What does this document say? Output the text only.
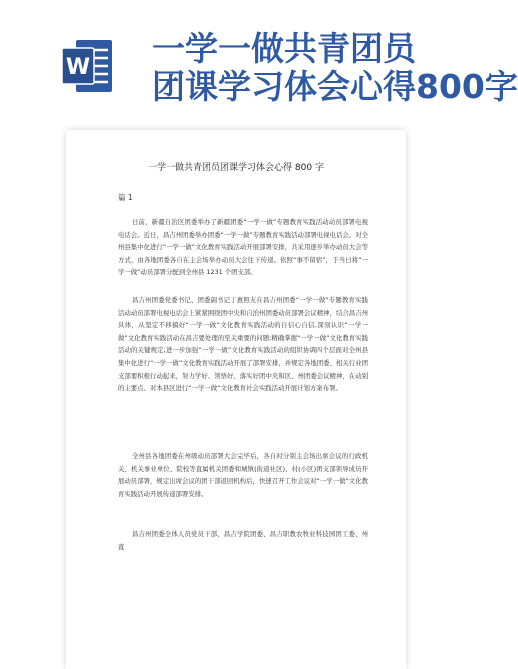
W 一学一做共青团员
团课学习体会心得800字
一学一做共青团员团课学习体会心得 800 字
篇 1

日前，新疆自治区团委举办了新疆团委“一学一做”专题教育实践活动动员部署电视电话会。近日，昌吉州团委举办团委“一学一做”专题教育实践活动部署电视电话会。对全州县集中化进行“一学一做”文化教育实践活动开展部署安排，共采用逐步举办动员大会等方式，由各地团委各自在主会场举办动员大会往下传递。依照“事不留宿”，于当日将“一学一做”动员部署分配到全州县 1231 个团支部。

昌吉州团委党委书记、团委副书记丁惠照友在昌吉州团委“一学一做”专题教育实践活动动员部署电视电话会上紧紧围绕团中央和自治州团委动员部署会议精神，结合昌吉州具体，从坚定不移搞好“一学一做”文化教育实践活动的自信心自信,深刻认识“一学一做”文化教育实践活动在昌吉要处理的至关重要的问题;精确掌握“一学一做”文化教育实践活动的关键规定;进一步加强“一学一做”文化教育实践活动的组织协调四个层面对全州县集中化进行“一学一做”文化教育实践活动开展了部署安排，并规定各地团委、相关行业团支部要积极行动起来，努力学好、领悟好、落实好团中央和区、州团委会议精神，在动别的主要点、对本县区进行“一学一做”文化教育社会实践活动开展计划方案布署。

全州县各地团委在州级动员部署大会完毕后，各自时分别主会场出席会议的行政机关、机关事业单位、院校等直属机关团委和城镇(街道社区)、村(小区)团支部领导成员开展动员部署，规定出席会议的团干部返回机构后，快速召开工作会议对“一学一做”文化教育实践活动开展传递部署安排。

昌吉州团委全体人员党员干部、昌吉学院团委、昌吉职教农牧业科技园团工委、州直
